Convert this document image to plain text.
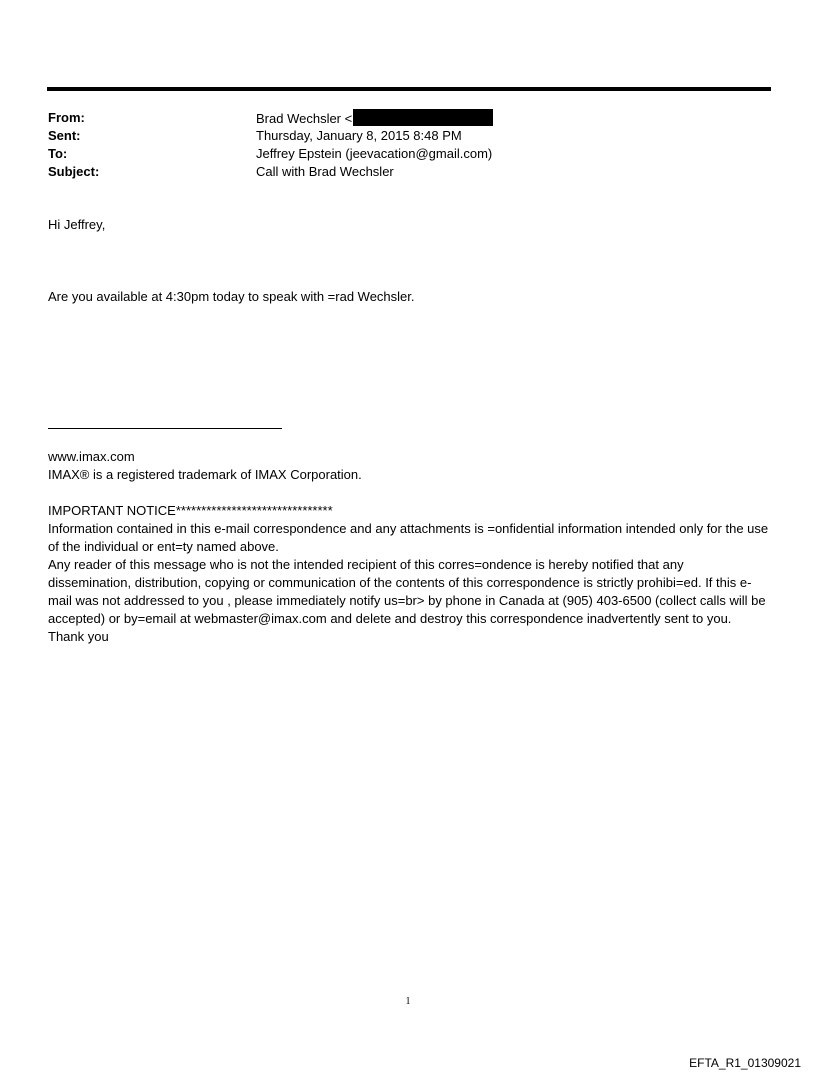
From:	Brad Wechsler <
Sent:	Thursday, January 8, 2015 8:48 PM
To:	Jeffrey Epstein (jeevacation@gmail.com)
Subject:	Call with Brad Wechsler
Hi Jeffrey,
Are you available at 4:30pm today to speak with =rad Wechsler.

www.imax.com

IMAX® is a registered trademark of IMAX Corporation.

IMPORTANT NOTICE*******************************

Information contained in this e-mail correspondence and any attachments is =onfidential information intended only for the use of the individual or ent=ty named above.

Any reader of this message who is not the intended recipient of this corres=ondence is hereby notified that any dissemination, distribution, copying or communication of the contents of this correspondence is strictly prohibi=ed. If this e-mail was not addressed to you , please immediately notify us=br> by phone in Canada at (905) 403-6500 (collect calls will be accepted) or by=email at webmaster@imax.com and delete and destroy this correspondence inadvertently sent to you. Thank you

1
EFTA_R1_01309021
